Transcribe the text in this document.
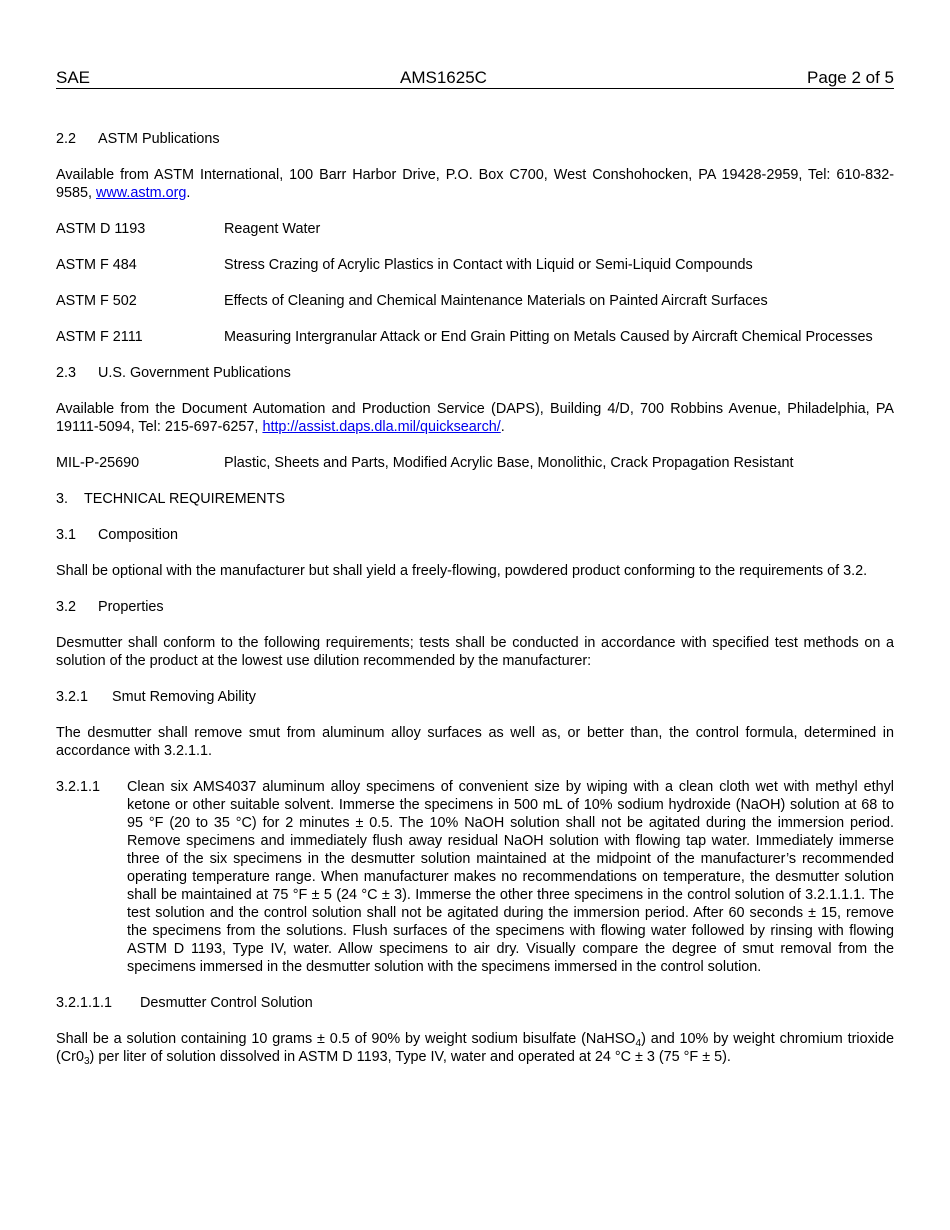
SAE	AMS1625C	Page 2 of 5
2.2	ASTM Publications

Available from ASTM International, 100 Barr Harbor Drive, P.O. Box C700, West Conshohocken, PA 19428-2959, Tel: 610-832-9585, www.astm.org.

ASTM D 1193	Reagent Water
ASTM F 484	Stress Crazing of Acrylic Plastics in Contact with Liquid or Semi-Liquid Compounds
ASTM F 502	Effects of Cleaning and Chemical Maintenance Materials on Painted Aircraft Surfaces
ASTM F 2111	Measuring Intergranular Attack or End Grain Pitting on Metals Caused by Aircraft Chemical Processes
2.3	U.S. Government Publications

Available from the Document Automation and Production Service (DAPS), Building 4/D, 700 Robbins Avenue, Philadelphia, PA 19111-5094, Tel: 215-697-6257, http://assist.daps.dla.mil/quicksearch/.

MIL-P-25690	Plastic, Sheets and Parts, Modified Acrylic Base, Monolithic, Crack Propagation Resistant
3.	TECHNICAL REQUIREMENTS
3.1	Composition

Shall be optional with the manufacturer but shall yield a freely-flowing, powdered product conforming to the requirements of 3.2.

3.2	Properties

Desmutter shall conform to the following requirements; tests shall be conducted in accordance with specified test methods on a solution of the product at the lowest use dilution recommended by the manufacturer:

3.2.1	Smut Removing Ability

The desmutter shall remove smut from aluminum alloy surfaces as well as, or better than, the control formula, determined in accordance with 3.2.1.1.

3.2.1.1	Clean six AMS4037 aluminum alloy specimens of convenient size by wiping with a clean cloth wet with methyl ethyl ketone or other suitable solvent. Immerse the specimens in 500 mL of 10% sodium hydroxide (NaOH) solution at 68 to 95 °F (20 to 35 °C) for 2 minutes ± 0.5. The 10% NaOH solution shall not be agitated during the immersion period. Remove specimens and immediately flush away residual NaOH solution with flowing tap water. Immediately immerse three of the six specimens in the desmutter solution maintained at the midpoint of the manufacturer’s recommended operating temperature range. When manufacturer makes no recommendations on temperature, the desmutter solution shall be maintained at 75 °F ± 5 (24 °C ± 3). Immerse the other three specimens in the control solution of 3.2.1.1.1. The test solution and the control solution shall not be agitated during the immersion period. After 60 seconds ± 15, remove the specimens from the solutions. Flush surfaces of the specimens with flowing water followed by rinsing with flowing ASTM D 1193, Type IV, water. Allow specimens to air dry. Visually compare the degree of smut removal from the specimens immersed in the desmutter solution with the specimens immersed in the control solution.
3.2.1.1.1	Desmutter Control Solution

Shall be a solution containing 10 grams ± 0.5 of 90% by weight sodium bisulfate (NaHSO$_4$) and 10% by weight chromium trioxide $(Cr0_3)$ per liter of solution dissolved in ASTM D 1193, Type IV, water and operated at 24 °C ± 3 (75 °F ± 5).
